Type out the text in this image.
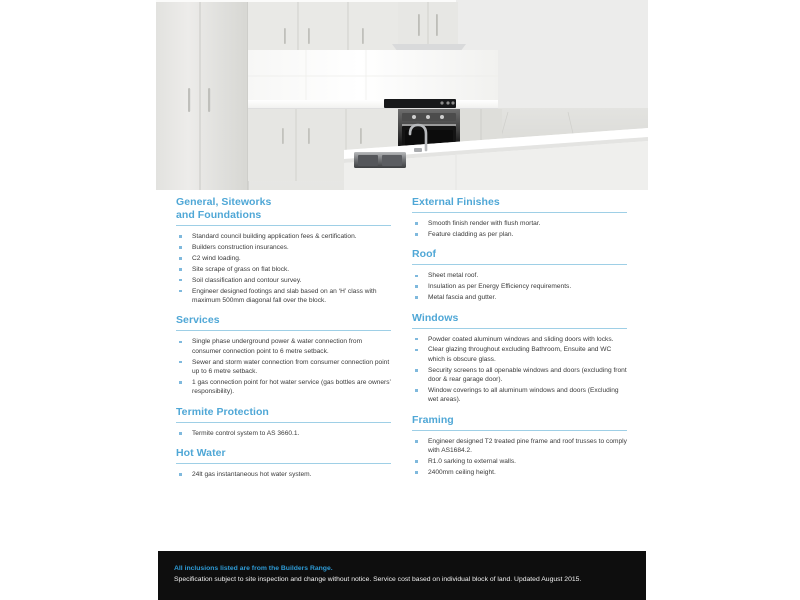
General, Siteworks
and Foundations
Standard council building application fees & certification.
Builders construction insurances.
C2 wind loading.
Site scrape of grass on flat block.
Soil classification and contour survey.
Engineer designed footings and slab based on an ‘H’ class with maximum 500mm diagonal fall over the block.
Services
Single phase underground power & water connection from consumer connection point to 6 metre setback.
Sewer and storm water connection from consumer connection point up to 6 metre setback.
1 gas connection point for hot water service (gas bottles are owners’ responsibility).
Termite Protection
Termite control system to AS 3660.1.
Hot Water
24lt gas instantaneous hot water system.
External Finishes
Smooth finish render with flush mortar.
Feature cladding as per plan.
Roof
Sheet metal roof.
Insulation as per Energy Efficiency requirements.
Metal fascia and gutter.
Windows
Powder coated aluminum windows and sliding doors with locks.
Clear glazing throughout excluding Bathroom, Ensuite and WC which is obscure glass.
Security screens to all openable windows and doors (excluding front door & rear garage door).
Window coverings to all aluminum windows and doors (Excluding wet areas).
Framing
Engineer designed T2 treated pine frame and roof trusses to comply with AS1684.2.
R1.0 sarking to external walls.
2400mm ceiling height.
All inclusions listed are from the Builders Range.
Specification subject to site inspection and change without notice. Service cost based on individual block of land. Updated August 2015.
